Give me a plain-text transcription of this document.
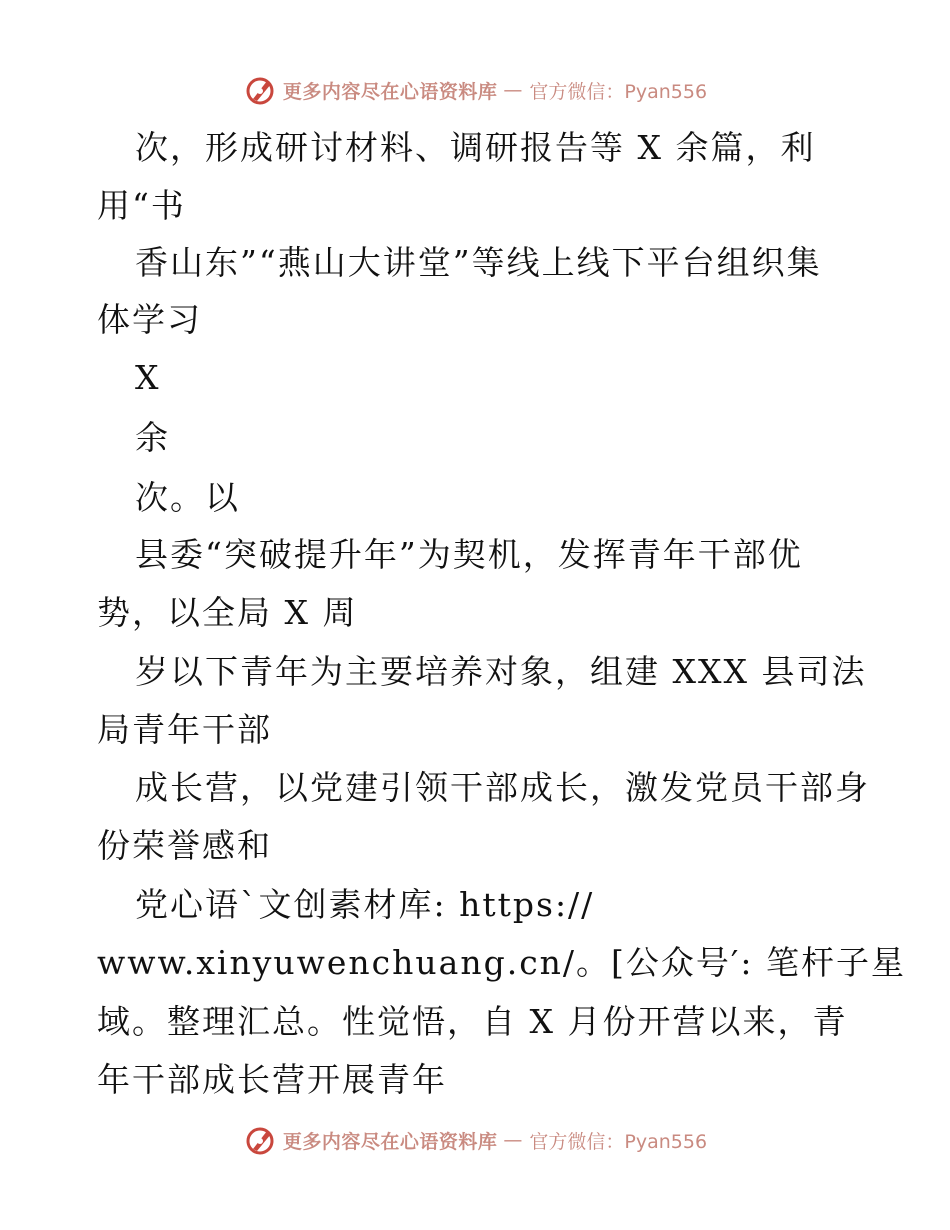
更多内容尽在心语资料库 — 官方微信：Pyan556
次，形成研讨材料、调研报告等 X 余篇，利
用“书
香山东”“燕山大讲堂”等线上线下平台组织集
体学习
X
余
次。以
县委“突破提升年”为契机，发挥青年干部优
势，以全局 X 周
岁以下青年为主要培养对象，组建 XXX 县司法
局青年干部
成长营，以党建引领干部成长，激发党员干部身
份荣誉感和
党心语`文创素材库: https://
www.xinyuwenchuang.cn/。[公众号′: 笔杆子星
域。整理汇总。性觉悟，自 X 月份开营以来，青
年干部成长营开展青年
更多内容尽在心语资料库 — 官方微信：Pyan556
